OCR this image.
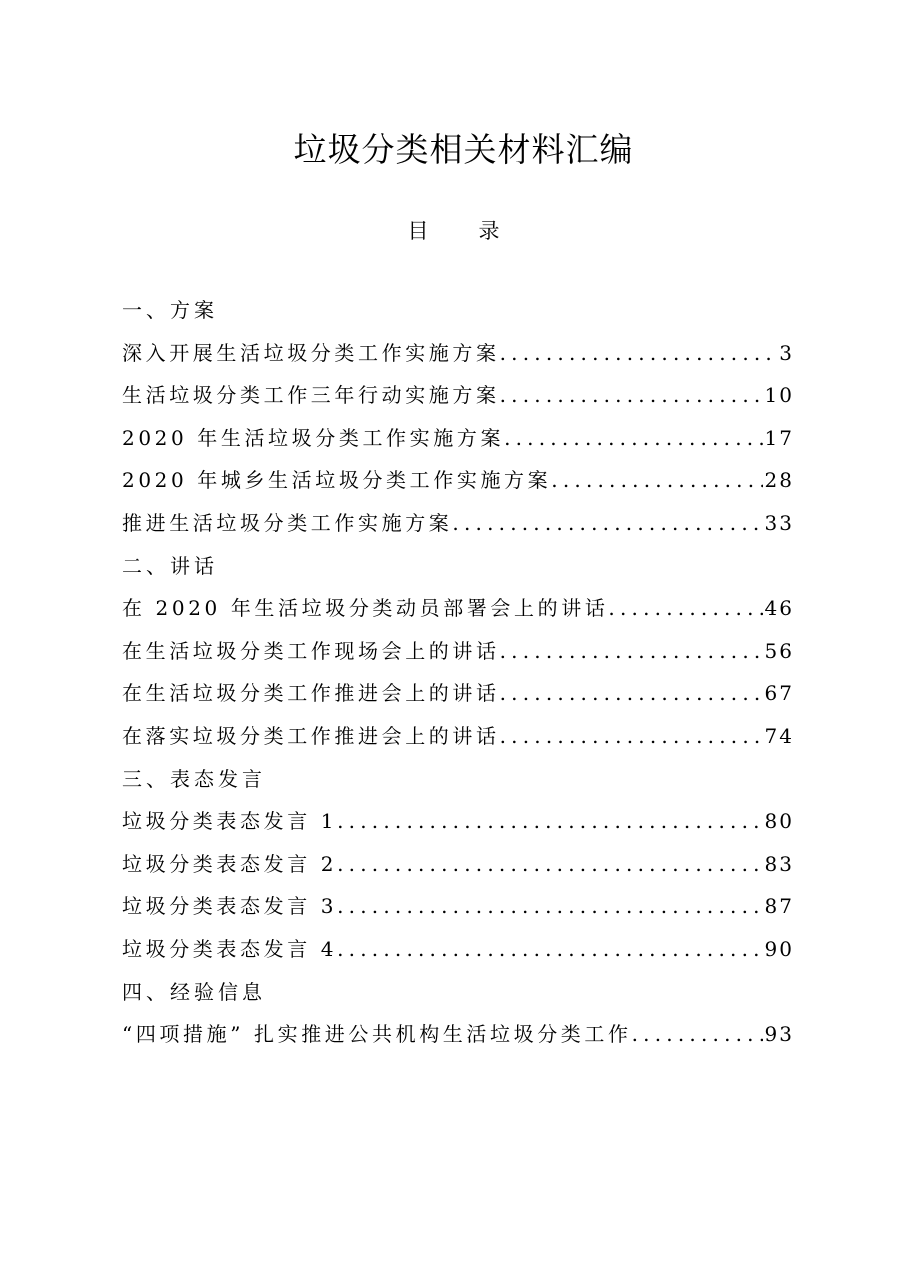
垃圾分类相关材料汇编
目 录
一、方案
深入开展生活垃圾分类工作实施方案 .....	3
生活垃圾分类工作三年行动实施方案 .....	10
2020 年生活垃圾分类工作实施方案 .....	17
2020 年城乡生活垃圾分类工作实施方案 .....	28
推进生活垃圾分类工作实施方案 .....	33
二、讲话
在 2020 年生活垃圾分类动员部署会上的讲话 .....	46
在生活垃圾分类工作现场会上的讲话 .....	56
在生活垃圾分类工作推进会上的讲话 .....	67
在落实垃圾分类工作推进会上的讲话 .....	74
三、表态发言
垃圾分类表态发言 1 .....	80
垃圾分类表态发言 2 .....	83
垃圾分类表态发言 3 .....	87
垃圾分类表态发言 4 .....	90
四、经验信息
“四项措施” 扎实推进公共机构生活垃圾分类工作 .....	93
